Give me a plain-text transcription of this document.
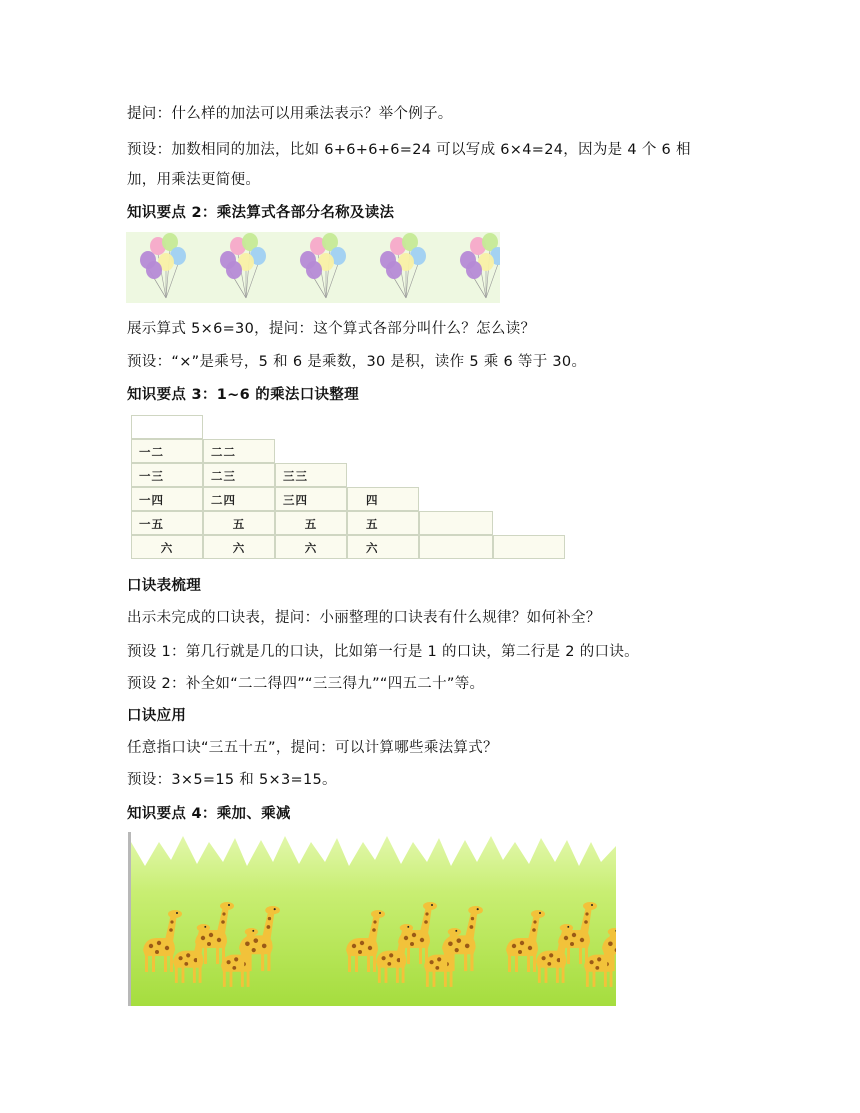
提问：什么样的加法可以用乘法表示？举个例子。
预设：加数相同的加法，比如 6+6+6+6=24 可以写成 6×4=24，因为是 4 个 6 相
加，用乘法更简便。
知识要点 2：乘法算式各部分名称及读法
展示算式 5×6=30，提问：这个算式各部分叫什么？怎么读？
预设：“×”是乘号，5 和 6 是乘数，30 是积，读作 5 乘 6 等于 30。
知识要点 3：1~6 的乘法口诀整理
一二	二二
一三	二三	三三
一四	二四	三四	四
一五	五	五	五
六	六	六	六
口诀表梳理
出示未完成的口诀表，提问：小丽整理的口诀表有什么规律？如何补全？
预设 1：第几行就是几的口诀，比如第一行是 1 的口诀，第二行是 2 的口诀。
预设 2：补全如“二二得四”“三三得九”“四五二十”等。
口诀应用
任意指口诀“三五十五”，提问：可以计算哪些乘法算式？
预设：3×5=15 和 5×3=15。
知识要点 4：乘加、乘减
